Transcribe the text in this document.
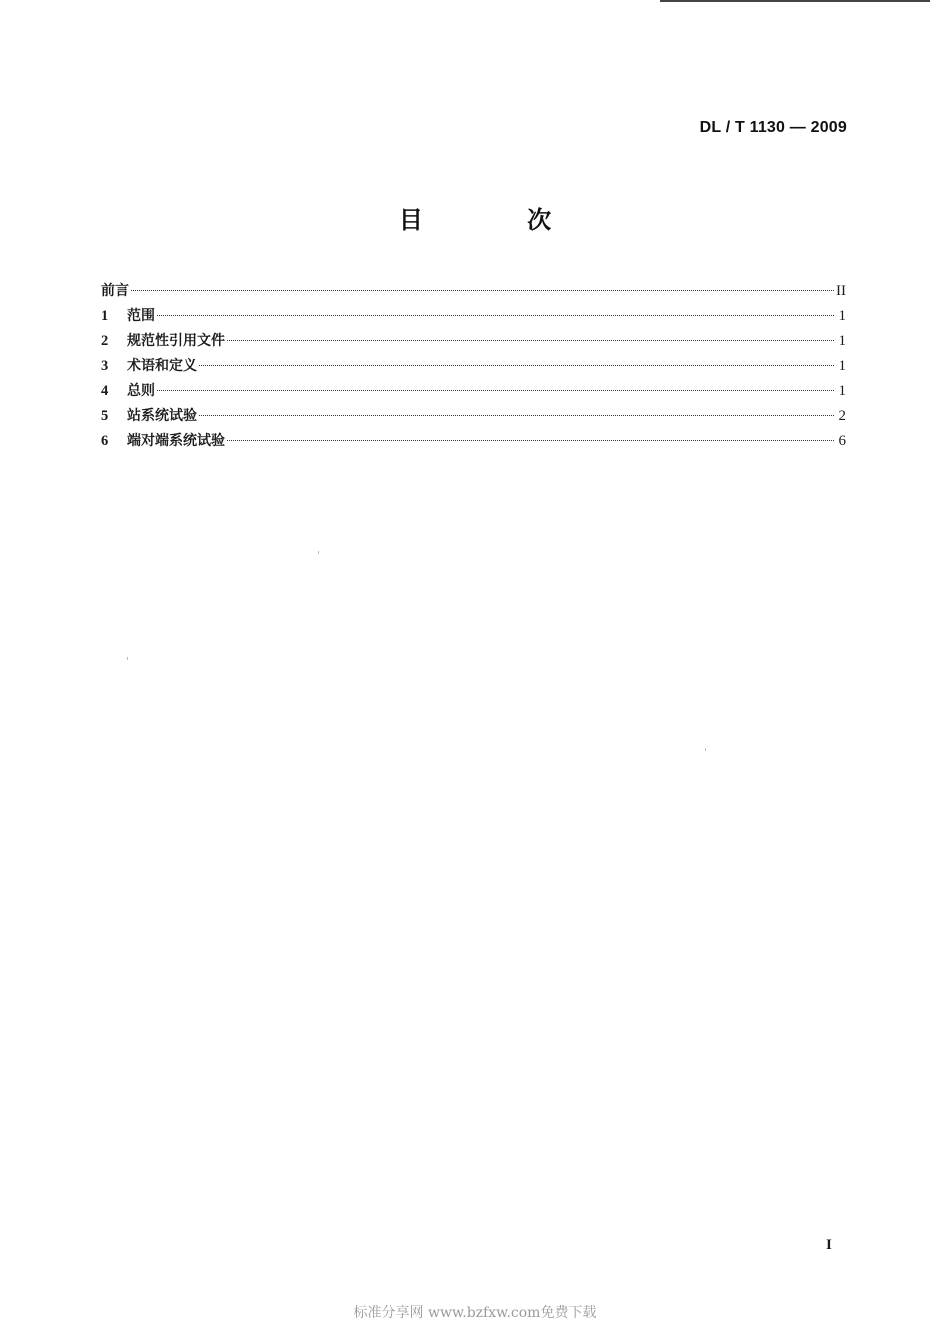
DL / T 1130 — 2009
目 次
前言	II
1	范围	1
2	规范性引用文件	1
3	术语和定义	1
4	总则	1
5	站系统试验	2
6	端对端系统试验	6
I
标准分享网 www.bzfxw.com免费下载
